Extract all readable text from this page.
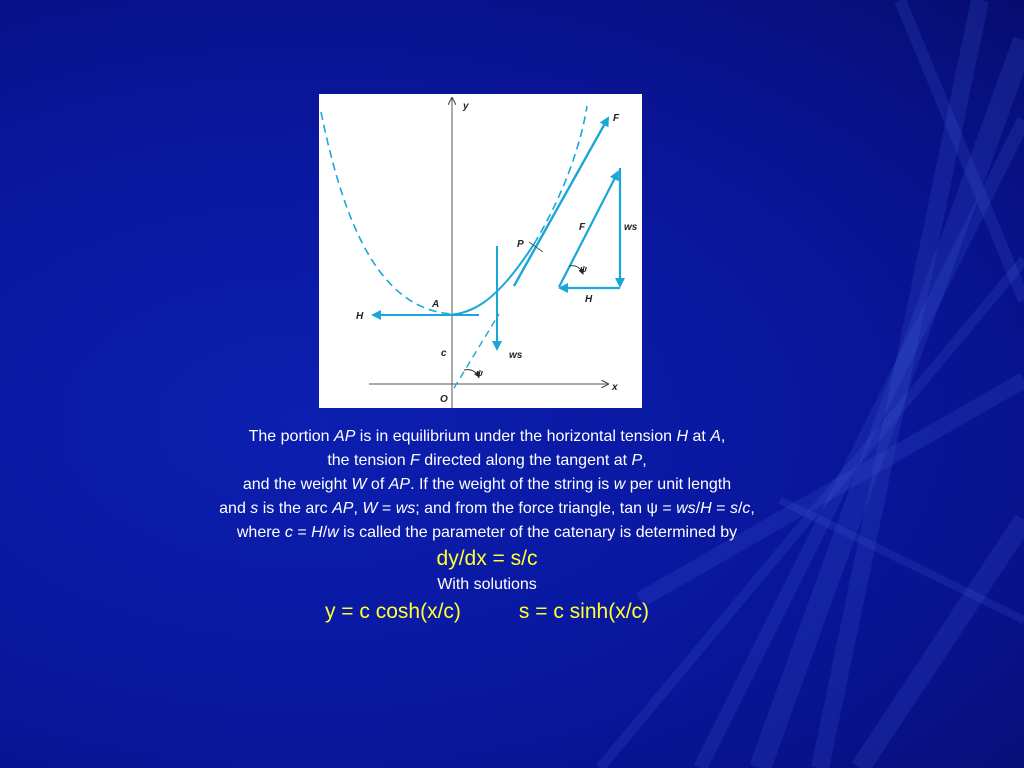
y
x
O
A
P
F
F
H
H
ws
ws
c
ψ
ψ
The portion AP is in equilibrium under the horizontal tension H at A,
the tension F directed along the tangent at P,
and the weight W of AP. If the weight of the string is w per unit length
and s is the arc AP, W = ws; and from the force triangle, tan ψ = ws/H = s/c,
where c = H/w is called the parameter of the catenary is determined by
dy/dx = s/c
With solutions
y = c cosh(x/c)	s = c sinh(x/c)
